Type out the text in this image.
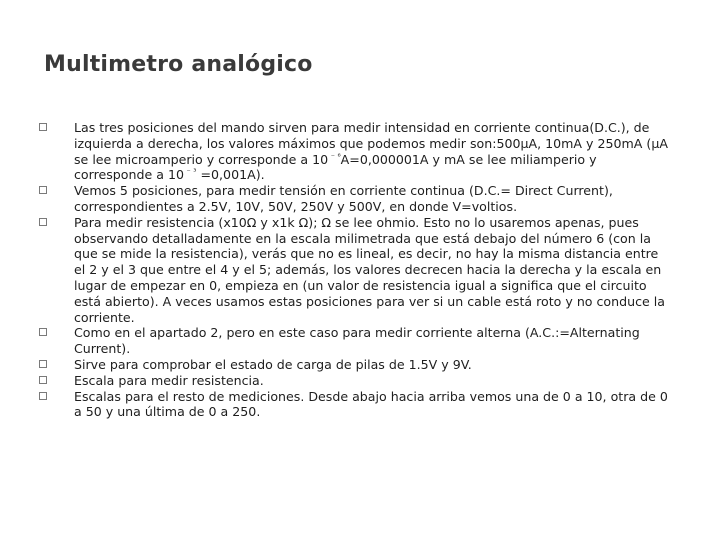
Multimetro analógico
Las tres posiciones del mando sirven para medir intensidad en corriente continua(D.C.), de izquierda a derecha, los valores máximos que podemos medir son:500μA, 10mA y 250mA (μA se lee microamperio y corresponde a 10 $^{^- ^6}$A=0,000001A y mA se lee miliamperio y corresponde a 10 $^{^- ^3}$ =0,001A).
Vemos 5 posiciones, para medir tensión en corriente continua (D.C.= Direct Current), correspondientes a 2.5V, 10V, 50V, 250V y 500V, en donde V=voltios.
Para medir resistencia (x10Ω y x1k Ω); Ω se lee ohmio. Esto no lo usaremos apenas, pues observando detalladamente en la escala milimetrada que está debajo del número 6 (con la que se mide la resistencia), verás que no es lineal, es decir, no hay la misma distancia entre el 2 y el 3 que entre el 4 y el 5; además, los valores decrecen hacia la derecha y la escala en lugar de empezar en 0, empieza en (un valor de resistencia igual a significa que el circuito está abierto). A veces usamos estas posiciones para ver si un cable está roto y no conduce la corriente.
Como en el apartado 2, pero en este caso para medir corriente alterna (A.C.:=Alternating Current).
Sirve para comprobar el estado de carga de pilas de 1.5V y 9V.
Escala para medir resistencia.
Escalas para el resto de mediciones. Desde abajo hacia arriba vemos una de 0 a 10, otra de 0 a 50 y una última de 0 a 250.
